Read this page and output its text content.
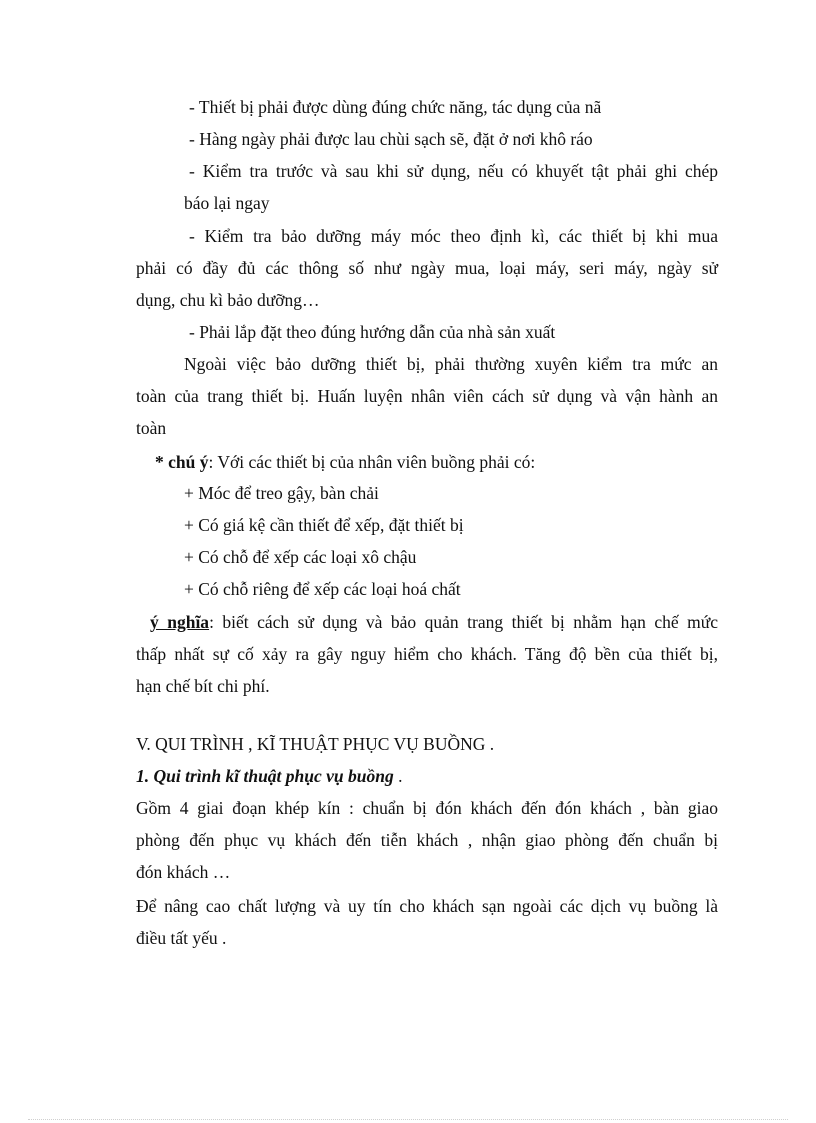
- Thiết bị phải được dùng đúng chức năng, tác dụng của nã
- Hàng ngày phải được lau chùi sạch sẽ, đặt ở nơi khô ráo
- Kiểm tra trước và sau khi sử dụng, nếu có khuyết tật phải ghi chép
báo lại ngay
- Kiểm tra bảo dưỡng máy móc theo định kì, các thiết bị khi mua
phải có đầy đủ các thông số như ngày mua, loại máy, seri máy, ngày sử
dụng, chu kì bảo dưỡng…
- Phải lắp đặt theo đúng hướng dẫn của nhà sản xuất
Ngoài việc bảo dưỡng thiết bị, phải thường xuyên kiểm tra mức an
toàn của trang thiết bị. Huấn luyện nhân viên cách sử dụng và vận hành an
toàn
* chú ý: Với các thiết bị của nhân viên buồng phải có:
+ Móc để treo gậy, bàn chải
+ Có giá kệ cần thiết để xếp, đặt thiết bị
+ Có chỗ để xếp các loại xô chậu
+ Có chỗ riêng để xếp các loại hoá chất
ý nghĩa: biết cách sử dụng và bảo quản trang thiết bị nhằm hạn chế mức
thấp nhất sự cố xảy ra gây nguy hiểm cho khách. Tăng độ bền của thiết bị,
hạn chế bít chi phí.
V. QUI TRÌNH , KĨ THUẬT PHỤC VỤ BUỒNG .
1. Qui trình kĩ thuật phục vụ buồng .
Gồm 4 giai đoạn khép kín : chuẩn bị đón khách đến đón khách , bàn giao
phòng đến phục vụ khách đến tiễn khách , nhận giao phòng đến chuẩn bị
đón khách …
Để nâng cao chất lượng và uy tín cho khách sạn ngoài các dịch vụ buồng là
điều tất yếu .
